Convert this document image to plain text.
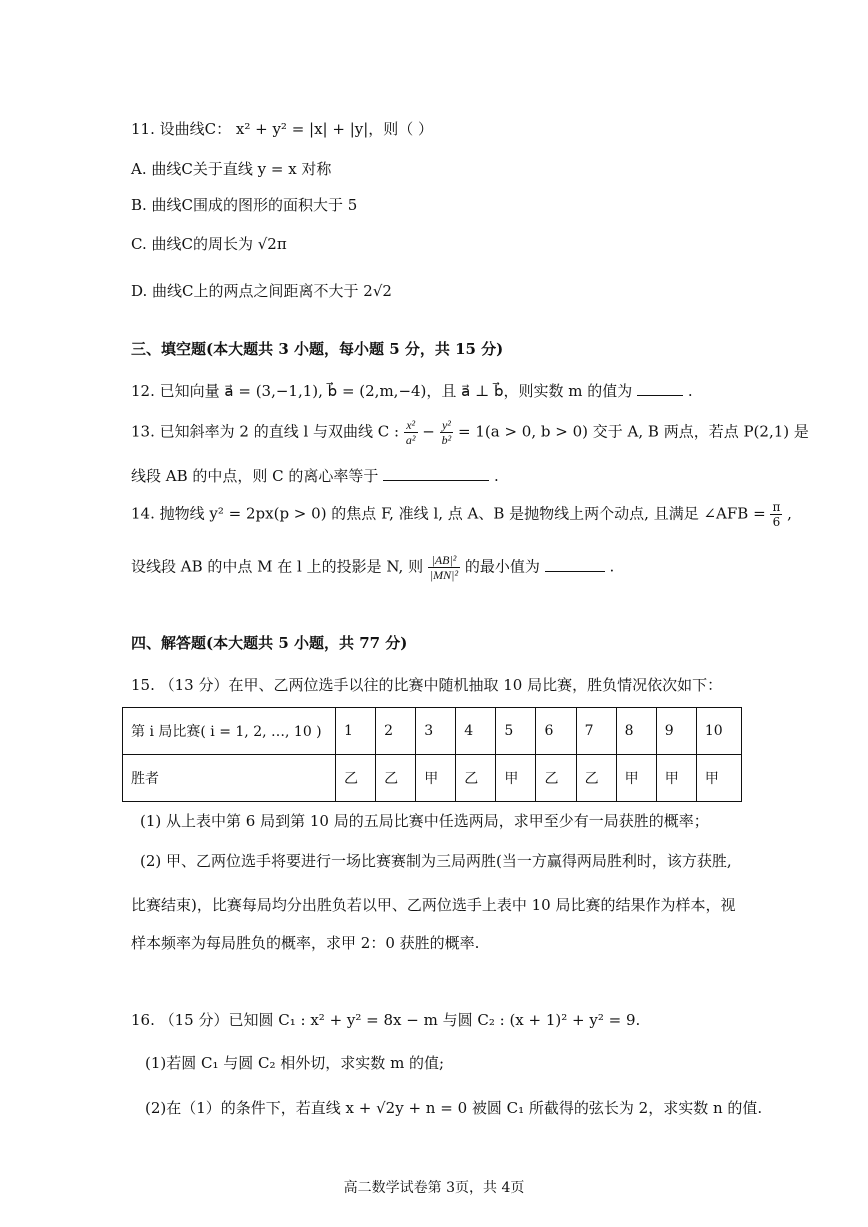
11. 设曲线C： x² + y² = |x| + |y|，则（ ）
A. 曲线C关于直线 y = x 对称
B. 曲线C围成的图形的面积大于 5
C. 曲线C的周长为 √2π
D. 曲线C上的两点之间距离不大于 2√2
三、填空题(本大题共 3 小题，每小题 5 分，共 15 分)
12. 已知向量 a⃗ = (3,−1,1), b⃗ = (2,m,−4)，且 a⃗ ⊥ b⃗，则实数 m 的值为	.
13. 已知斜率为 2 的直线 l 与双曲线 C : $\frac{\text{x²}}{\text{a²}} - \frac{\text{y²}}{\text{b²}} = 1(a > 0$, b > 0) 交于 A, B 两点，若点 P(2,1) 是
线段 AB 的中点，则 C 的离心率等于	.
14. 抛物线 y² = 2px(p > 0) 的焦点 F, 准线 l, 点 A、B 是抛物线上两个动点, 且满足 ∠AFB = $\frac{\pi}{6}$ ,
设线段 AB 的中点 M 在 l 上的投影是 N, 则 $\frac{\text{|AB|²}}{\text{|MN|²}}$ 的最小值为	.
四、解答题(本大题共 5 小题，共 77 分)
15. （13 分）在甲、乙两位选手以往的比赛中随机抽取 10 局比赛，胜负情况依次如下：
第 i 局比赛( i = 1, 2, …, 10 )	1	2	3	4	5	6	7	8	9	10
胜者	乙	乙	甲	乙	甲	乙	乙	甲	甲	甲
(1) 从上表中第 6 局到第 10 局的五局比赛中任选两局，求甲至少有一局获胜的概率；
(2) 甲、乙两位选手将要进行一场比赛赛制为三局两胜(当一方赢得两局胜利时，该方获胜,
比赛结束)，比赛每局均分出胜负若以甲、乙两位选手上表中 10 局比赛的结果作为样本，视
样本频率为每局胜负的概率，求甲 2：0 获胜的概率.
16. （15 分）已知圆 C₁ : x² + y² = 8x − m 与圆 C₂ : (x + 1)² + y² = 9.
(1)若圆 C₁ 与圆 C₂ 相外切，求实数 m 的值;
(2)在（1）的条件下，若直线 x + √2y + n = 0 被圆 C₁ 所截得的弦长为 2，求实数 n 的值.
高二数学试卷第 3页，共 4页
